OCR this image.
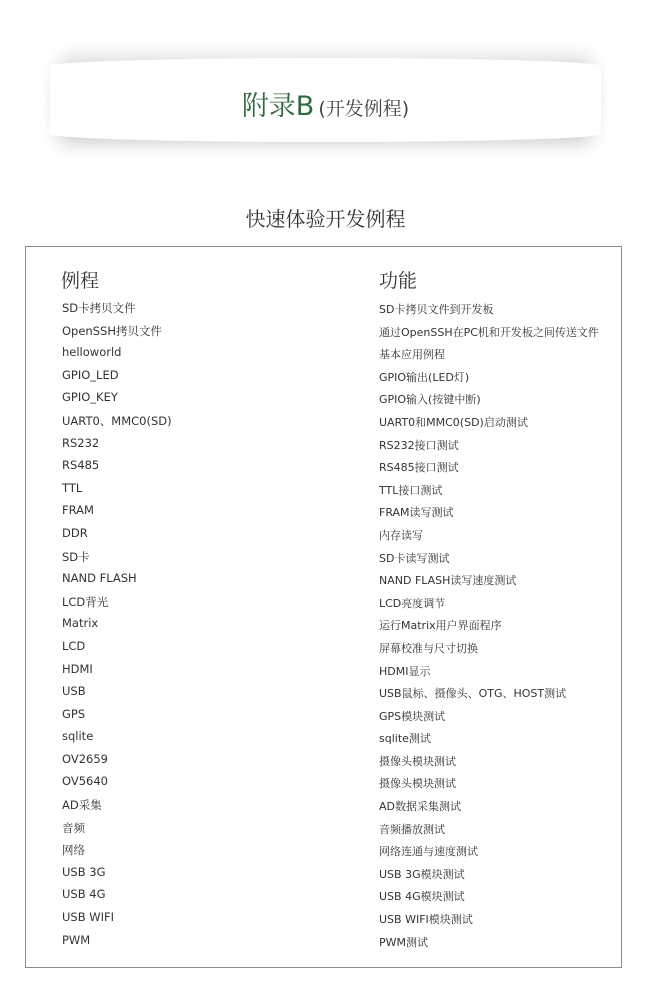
附录B (开发例程)
快速体验开发例程
例程	功能
SD卡拷贝文件	SD卡拷贝文件到开发板
OpenSSH拷贝文件	通过OpenSSH在PC机和开发板之间传送文件
helloworld	基本应用例程
GPIO_LED	GPIO输出(LED灯)
GPIO_KEY	GPIO输入(按键中断)
UART0、MMC0(SD)	UART0和MMC0(SD)启动测试
RS232	RS232接口测试
RS485	RS485接口测试
TTL	TTL接口测试
FRAM	FRAM读写测试
DDR	内存读写
SD卡	SD卡读写测试
NAND FLASH	NAND FLASH读写速度测试
LCD背光	LCD亮度调节
Matrix	运行Matrix用户界面程序
LCD	屏幕校准与尺寸切换
HDMI	HDMI显示
USB	USB鼠标、摄像头、OTG、HOST测试
GPS	GPS模块测试
sqlite	sqlite测试
OV2659	摄像头模块测试
OV5640	摄像头模块测试
AD采集	AD数据采集测试
音频	音频播放测试
网络	网络连通与速度测试
USB 3G	USB 3G模块测试
USB 4G	USB 4G模块测试
USB WIFI	USB WIFI模块测试
PWM	PWM测试
